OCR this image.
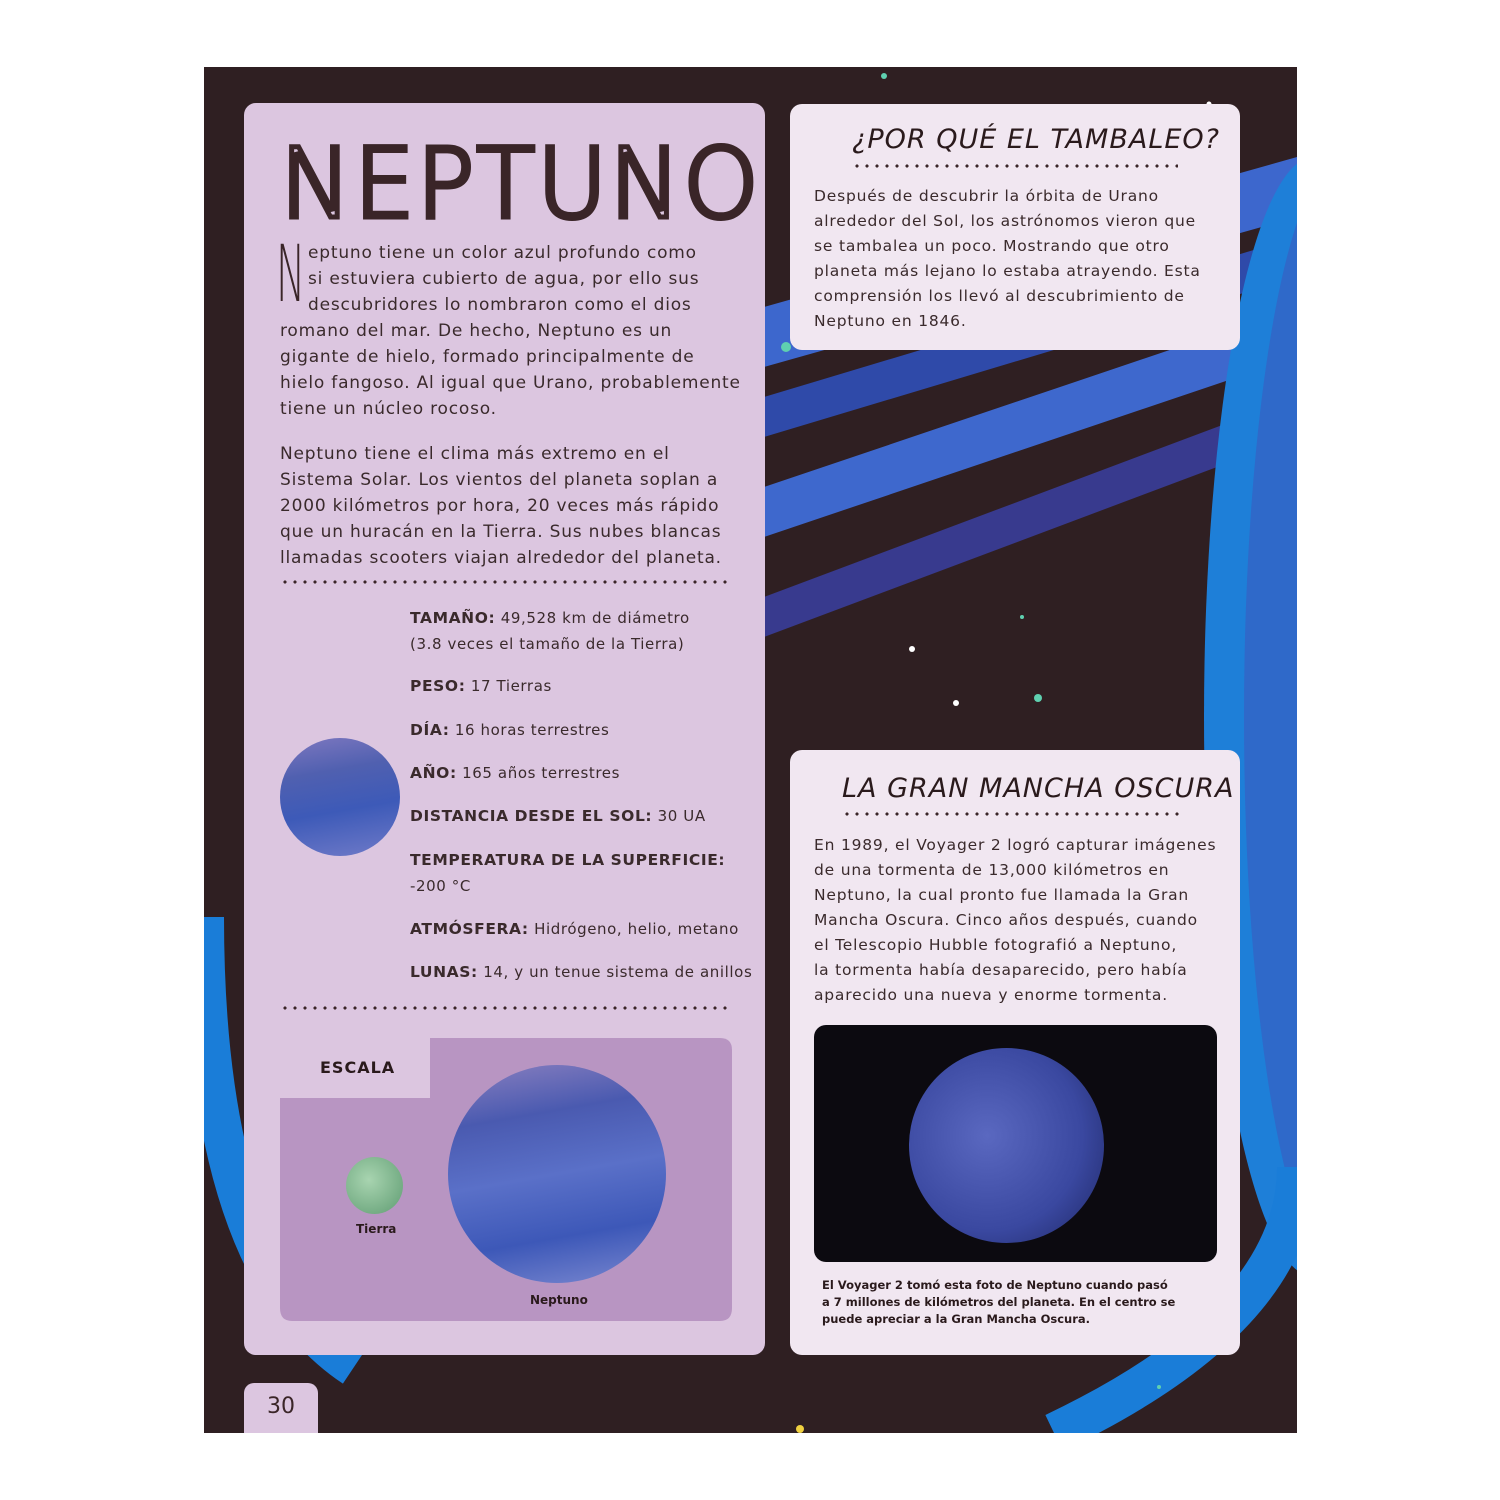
NEPTUNO
N eptuno tiene un color azul profundo como
si estuviera cubierto de agua, por ello sus
descubridores lo nombraron como el dios
romano del mar. De hecho, Neptuno es un
gigante de hielo, formado principalmente de
hielo fangoso. Al igual que Urano, probablemente
tiene un núcleo rocoso.
Neptuno tiene el clima más extremo en el
Sistema Solar. Los vientos del planeta soplan a
2000 kilómetros por hora, 20 veces más rápido
que un huracán en la Tierra. Sus nubes blancas
llamadas scooters viajan alrededor del planeta.
TAMAÑO: 49,528 km de diámetro
(3.8 veces el tamaño de la Tierra)
PESO: 17 Tierras
DÍA: 16 horas terrestres
AÑO: 165 años terrestres
DISTANCIA DESDE EL SOL: 30 UA
TEMPERATURA DE LA SUPERFICIE:
-200 °C
ATMÓSFERA: Hidrógeno, helio, metano
LUNAS: 14, y un tenue sistema de anillos
ESCALA
Tierra
Neptuno
¿POR QUÉ EL TAMBALEO?
Después de descubrir la órbita de Urano
alrededor del Sol, los astrónomos vieron que
se tambalea un poco. Mostrando que otro
planeta más lejano lo estaba atrayendo. Esta
comprensión los llevó al descubrimiento de
Neptuno en 1846.
LA GRAN MANCHA OSCURA
En 1989, el Voyager 2 logró capturar imágenes
de una tormenta de 13,000 kilómetros en
Neptuno, la cual pronto fue llamada la Gran
Mancha Oscura. Cinco años después, cuando
el Telescopio Hubble fotografió a Neptuno,
la tormenta había desaparecido, pero había
aparecido una nueva y enorme tormenta.
El Voyager 2 tomó esta foto de Neptuno cuando pasó
a 7 millones de kilómetros del planeta. En el centro se
puede apreciar a la Gran Mancha Oscura.
30
